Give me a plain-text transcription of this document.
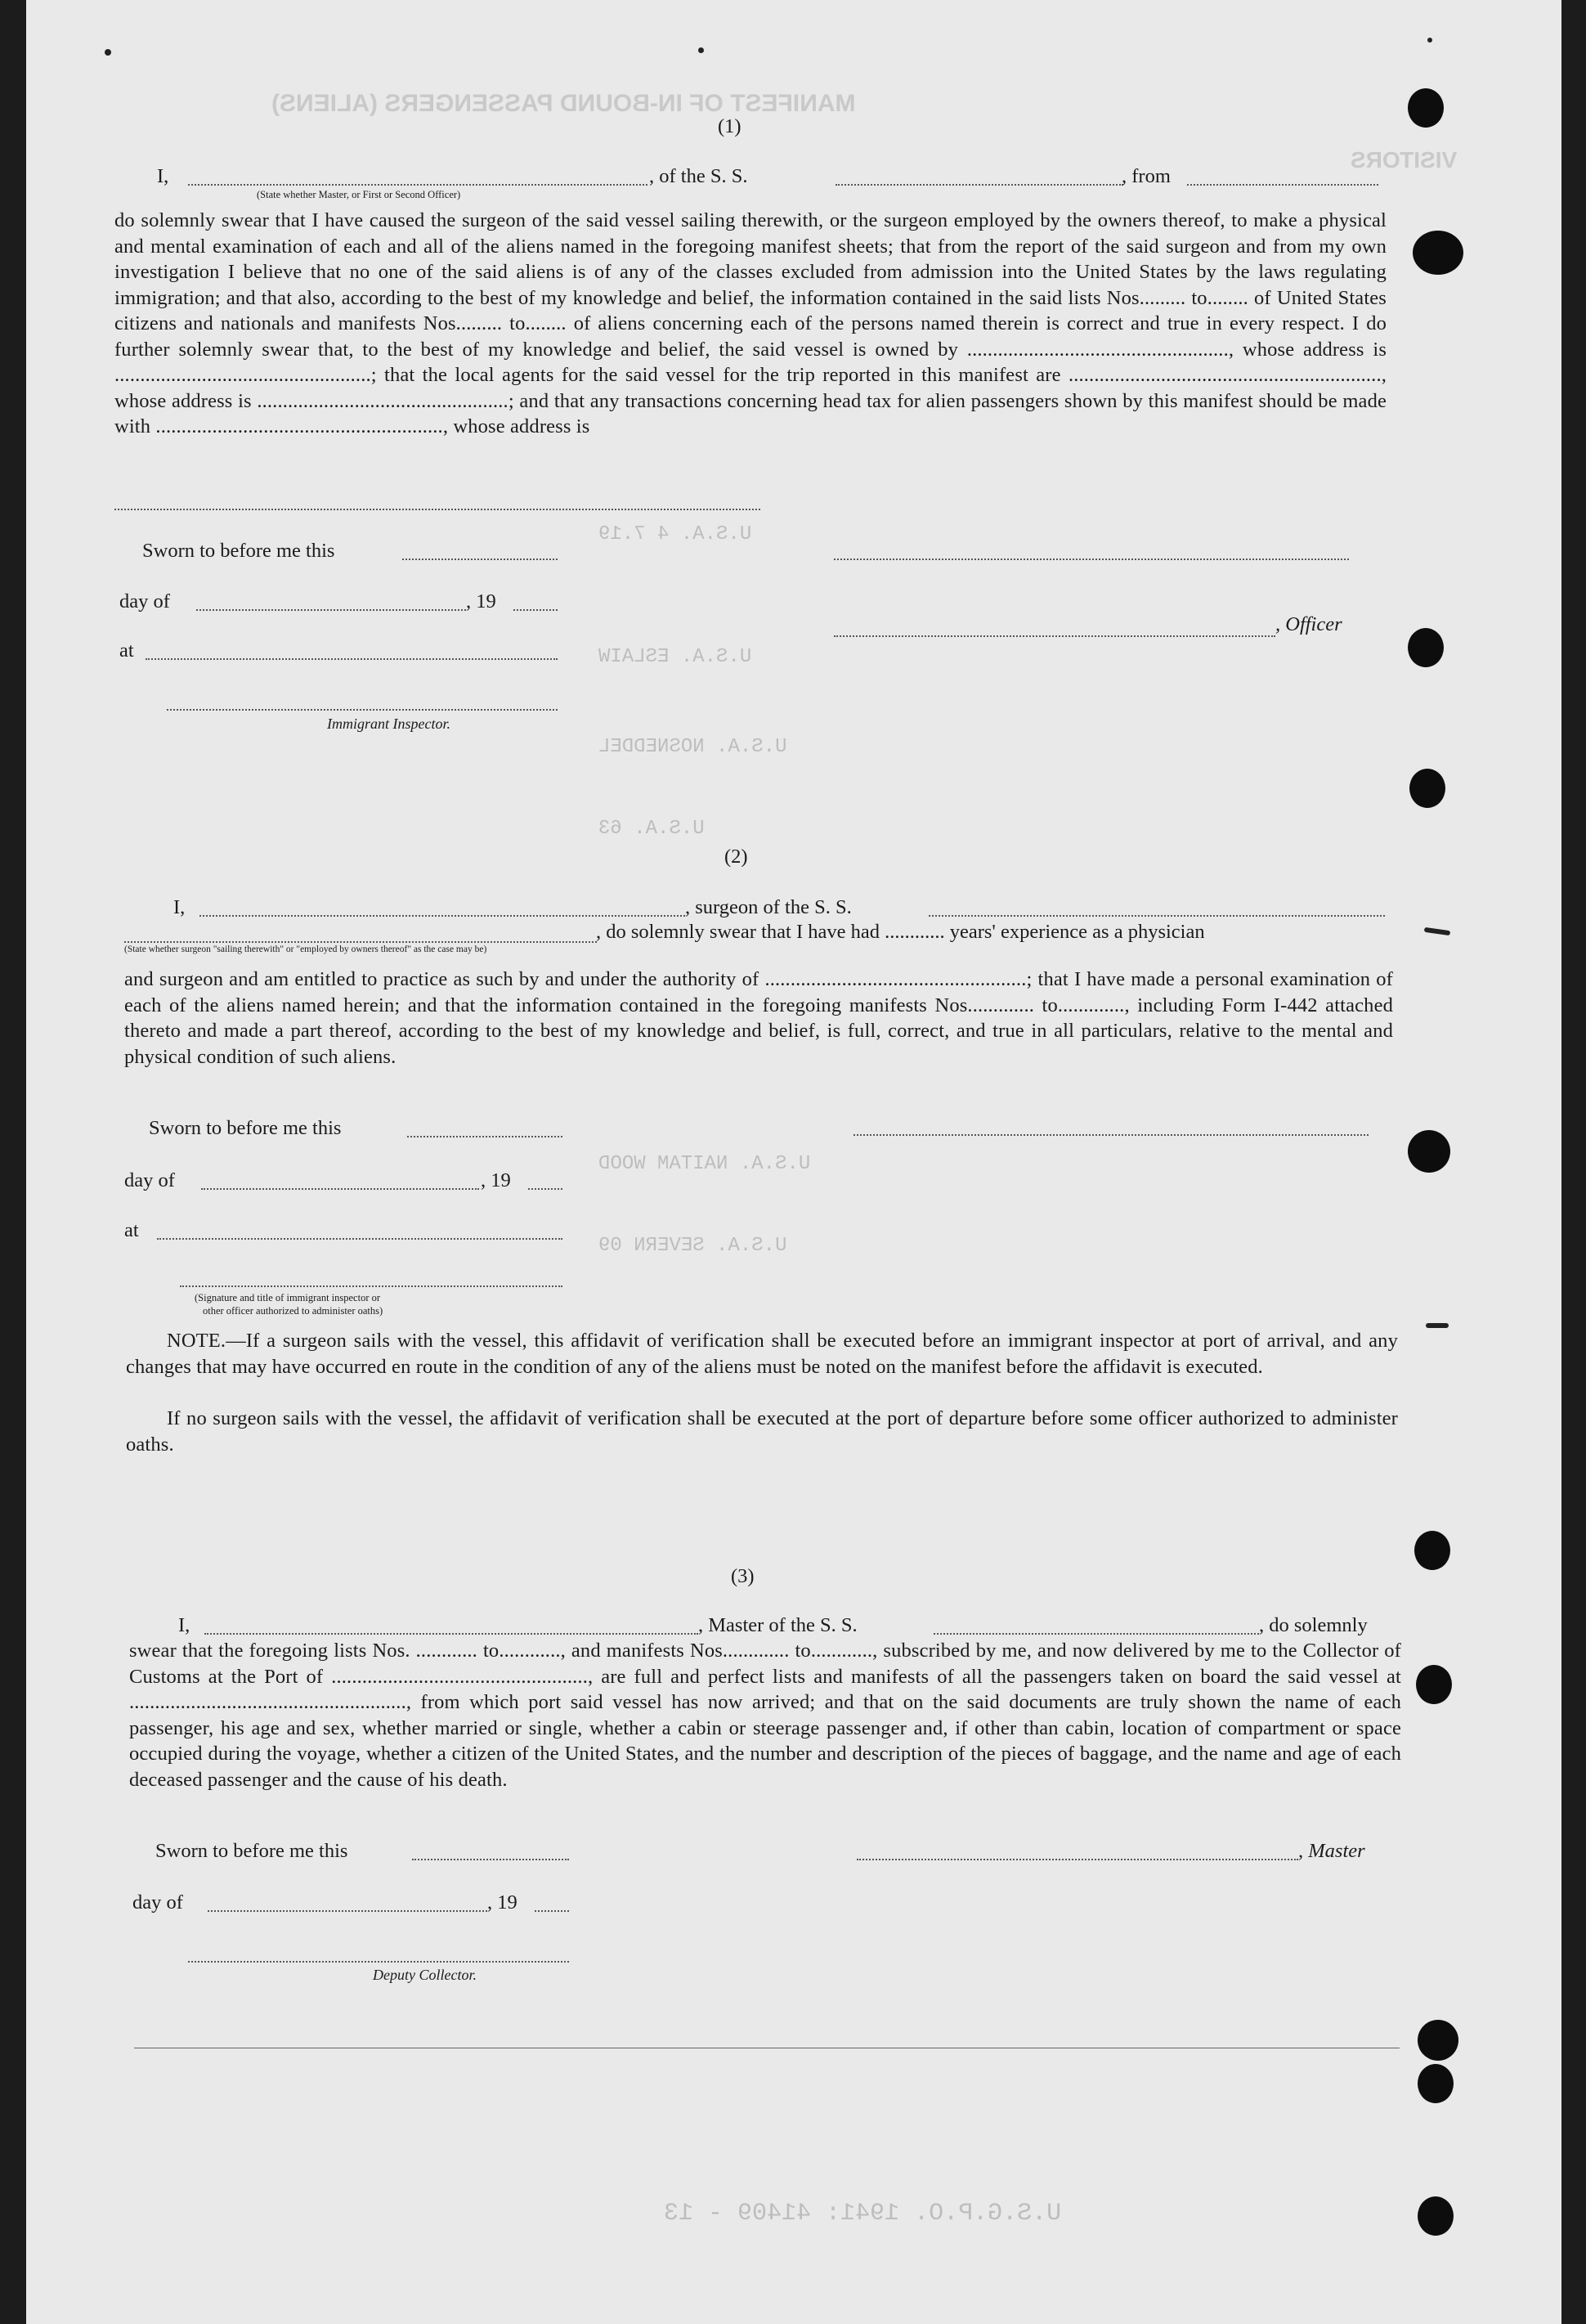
MANIFEST OF IN-BOUND PASSENGERS (ALIENS)
VISITORS
U.S.A. 4 7.19
U.S.A. ESLAIW
U.S.A. NOSNEDDEL
U.S.A. 63
U.S.A. NAITAM WOOD
U.S.A. SEVERN 09
U.S.G.P.O. 1941: 41409 - 13
(1)
I,
(State whether Master, or First or Second Officer)
, of the S. S.	, from
do solemnly swear that I have caused the surgeon of the said vessel sailing therewith, or the surgeon employed by the owners thereof, to make a physical and mental examination of each and all of the aliens named in the foregoing manifest sheets; that from the report of the said surgeon and from my own investigation I believe that no one of the said aliens is of any of the classes excluded from admission into the United States by the laws regulating immigration; and that also, according to the best of my knowledge and belief, the information contained in the said lists Nos......... to........ of United States citizens and nationals and manifests Nos......... to........ of aliens concerning each of the persons named therein is correct and true in every respect. I do further solemnly swear that, to the best of my knowledge and belief, the said vessel is owned by ..................................................., whose address is ..................................................; that the local agents for the said vessel for the trip reported in this manifest are ............................................................., whose address is .................................................; and that any transactions concerning head tax for alien passengers shown by this manifest should be made with ........................................................, whose address is
Sworn to before me this
day of	, 19
at
Immigrant Inspector.
, Officer
(2)
I,	, surgeon of the S. S.
(State whether surgeon "sailing therewith" or "employed by owners thereof" as the case may be)
, do solemnly swear that I have had ............ years' experience as a physician
and surgeon and am entitled to practice as such by and under the authority of ...................................................; that I have made a personal examination of each of the aliens named herein; and that the information contained in the foregoing manifests Nos............. to............., including Form I-442 attached thereto and made a part thereof, according to the best of my knowledge and belief, is full, correct, and true in all particulars, relative to the mental and physical condition of such aliens.
Sworn to before me this
day of	, 19
at
(Signature and title of immigrant inspector or
other officer authorized to administer oaths)
NOTE.—If a surgeon sails with the vessel, this affidavit of verification shall be executed before an immigrant inspector at port of arrival, and any changes that may have occurred en route in the condition of any of the aliens must be noted on the manifest before the affidavit is executed.
If no surgeon sails with the vessel, the affidavit of verification shall be executed at the port of departure before some officer authorized to administer oaths.
(3)
I,	, Master of the S. S.	, do solemnly
swear that the foregoing lists Nos. ............ to............, and manifests Nos............. to............, subscribed by me, and now delivered by me to the Collector of Customs at the Port of .................................................., are full and perfect lists and manifests of all the passengers taken on board the said vessel at ......................................................, from which port said vessel has now arrived; and that on the said documents are truly shown the name of each passenger, his age and sex, whether married or single, whether a cabin or steerage passenger and, if other than cabin, location of compartment or space occupied during the voyage, whether a citizen of the United States, and the number and description of the pieces of baggage, and the name and age of each deceased passenger and the cause of his death.
Sworn to before me this
day of	, 19
Deputy Collector.
, Master
